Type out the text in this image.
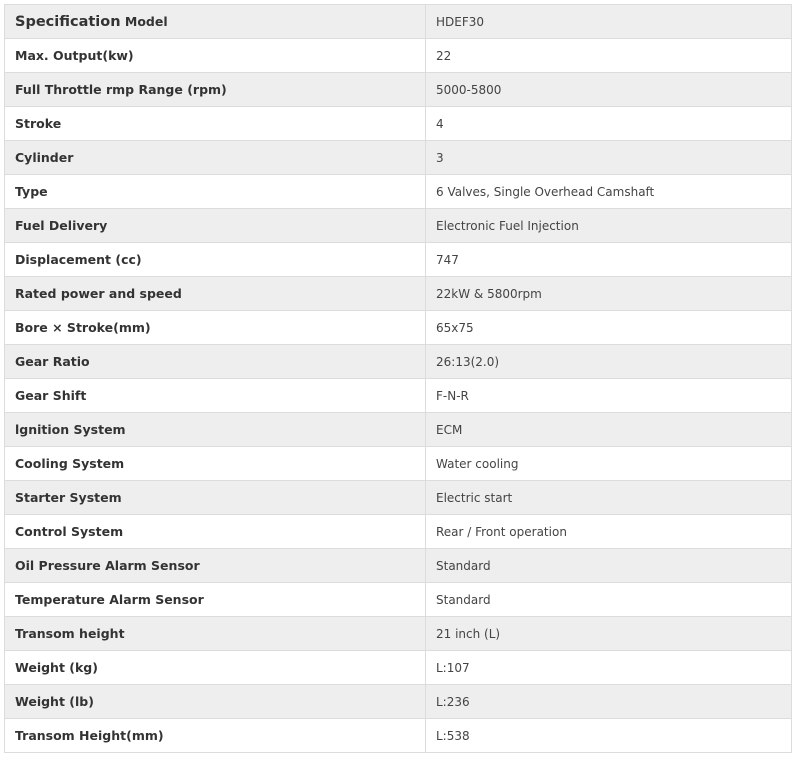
Specification Model	HDEF30
Max. Output(kw)	22
Full Throttle rmp Range (rpm)	5000-5800
Stroke	4
Cylinder	3
Type	6 Valves, Single Overhead Camshaft
Fuel Delivery	Electronic Fuel Injection
Displacement (cc)	747
Rated power and speed	22kW & 5800rpm
Bore × Stroke(mm)	65x75
Gear Ratio	26:13(2.0)
Gear Shift	F-N-R
lgnition System	ECM
Cooling System	Water cooling
Starter System	Electric start
Control System	Rear / Front operation
Oil Pressure Alarm Sensor	Standard
Temperature Alarm Sensor	Standard
Transom height	21 inch (L)
Weight (kg)	L:107
Weight (lb)	L:236
Transom Height(mm)	L:538
